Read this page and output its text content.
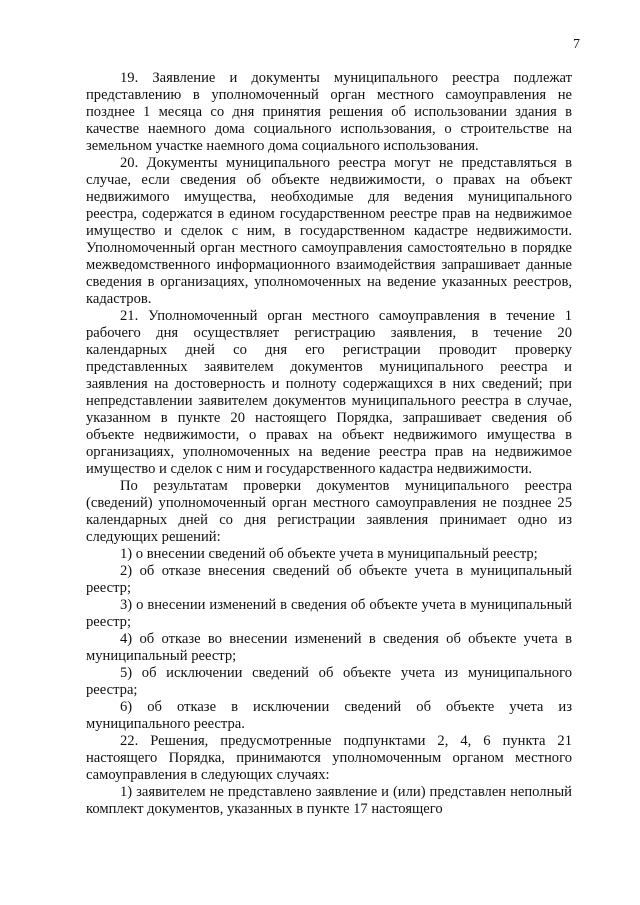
7

19. Заявление и документы муниципального реестра подлежат представлению в уполномоченный орган местного самоуправления не позднее 1 месяца со дня принятия решения об использовании здания в качестве наемного дома социального использования, о строительстве на земельном участке наемного дома социального использования.

20. Документы муниципального реестра могут не представляться в случае, если сведения об объекте недвижимости, о правах на объект недвижимого имущества, необходимые для ведения муниципального реестра, содержатся в едином государственном реестре прав на недвижимое имущество и сделок с ним, в государственном кадастре недвижимости. Уполномоченный орган местного самоуправления самостоятельно в порядке межведомственного информационного взаимодействия запрашивает данные сведения в организациях, уполномоченных на ведение указанных реестров, кадастров.

21. Уполномоченный орган местного самоуправления в течение 1 рабочего дня осуществляет регистрацию заявления, в течение 20 календарных дней со дня его регистрации проводит проверку представленных заявителем документов муниципального реестра и заявления на достоверность и полноту содержащихся в них сведений; при непредставлении заявителем документов муниципального реестра в случае, указанном в пункте 20 настоящего Порядка, запрашивает сведения об объекте недвижимости, о правах на объект недвижимого имущества в организациях, уполномоченных на ведение реестра прав на недвижимое имущество и сделок с ним и государственного кадастра недвижимости.

По результатам проверки документов муниципального реестра (сведений) уполномоченный орган местного самоуправления не позднее 25 календарных дней со дня регистрации заявления принимает одно из следующих решений:

1) о внесении сведений об объекте учета в муниципальный реестр;

2) об отказе внесения сведений об объекте учета в муниципальный реестр;

3) о внесении изменений в сведения об объекте учета в муниципальный реестр;

4) об отказе во внесении изменений в сведения об объекте учета в муниципальный реестр;

5) об исключении сведений об объекте учета из муниципального реестра;

6) об отказе в исключении сведений об объекте учета из муниципального реестра.

22. Решения, предусмотренные подпунктами 2, 4, 6 пункта 21 настоящего Порядка, принимаются уполномоченным органом местного самоуправления в следующих случаях:

1) заявителем не представлено заявление и (или) представлен неполный комплект документов, указанных в пункте 17 настоящего
